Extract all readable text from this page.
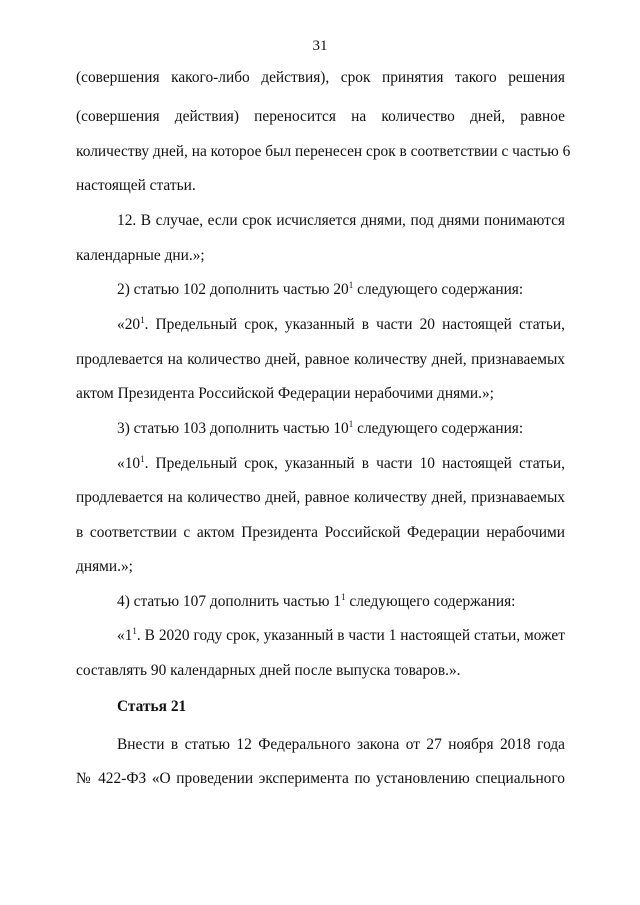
31
(совершения какого-либо действия), срок принятия такого решения
(совершения действия) переносится на количество дней, равное
количеству дней, на которое был перенесен срок в соответствии с частью 6
настоящей статьи.
12. В случае, если срок исчисляется днями, под днями понимаются
календарные дни.»;
2) статью 102 дополнить частью $20^1$ следующего содержания:
«$20^1$. Предельный срок, указанный в части 20 настоящей статьи,
продлевается на количество дней, равное количеству дней, признаваемых
актом Президента Российской Федерации нерабочими днями.»;
3) статью 103 дополнить частью $10^1$ следующего содержания:
«$10^1$. Предельный срок, указанный в части 10 настоящей статьи,
продлевается на количество дней, равное количеству дней, признаваемых
в соответствии с актом Президента Российской Федерации нерабочими
днями.»;
4) статью 107 дополнить частью $1^1$ следующего содержания:
«$1^1$. В 2020 году срок, указанный в части 1 настоящей статьи, может
составлять 90 календарных дней после выпуска товаров.».
Статья 21
Внести в статью 12 Федерального закона от 27 ноября 2018 года
№ 422-ФЗ «О проведении эксперимента по установлению специального
